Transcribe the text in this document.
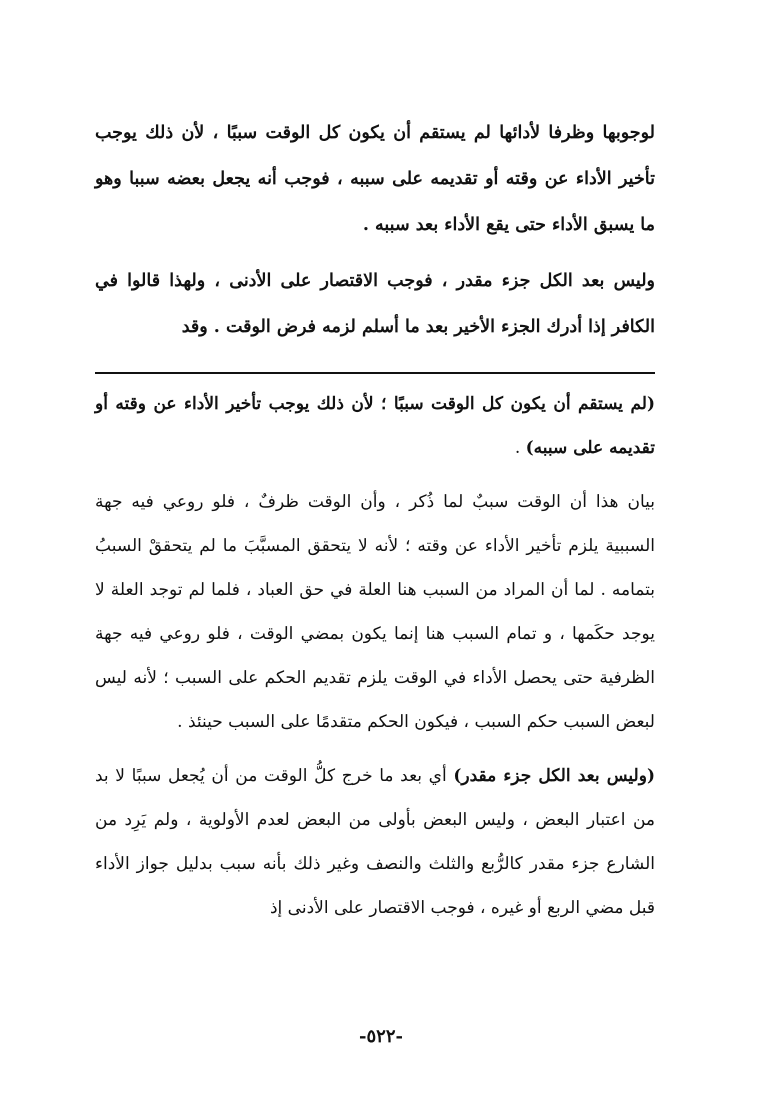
لوجوبها وظرفا لأدائها لم يستقم أن يكون كل الوقت سببًا ، لأن ذلك يوجب تأخير الأداء عن وقته أو تقديمه على سببه ، فوجب أنه يجعل بعضه سببا وهو ما يسبق الأداء حتى يقع الأداء بعد سببه .

وليس بعد الكل جزء مقدر ، فوجب الاقتصار على الأدنى ، ولهذا قالوا في الكافر إذا أدرك الجزء الأخير بعد ما أسلم لزمه فرض الوقت . وقد

(لم يستقم أن يكون كل الوقت سببًا ؛ لأن ذلك يوجب تأخير الأداء عن وقته أو تقديمه على سببه) .

بيان هذا أن الوقت سببٌ لما ذُكر ، وأن الوقت ظرفٌ ، فلو روعي فيه جهة السببية يلزم تأخير الأداء عن وقته ؛ لأنه لا يتحقق المسبَّبَ ما لم يتحققْ السببُ بتمامه . لما أن المراد من السبب هنا العلة في حق العباد ، فلما لم توجد العلة لا يوجد حكَمها ، و تمام السبب هنا إنما يكون بمضي الوقت ، فلو روعي فيه جهة الظرفية حتى يحصل الأداء في الوقت يلزم تقديم الحكم على السبب ؛ لأنه ليس لبعض السبب حكم السبب ، فيكون الحكم متقدمًا على السبب حينئذ .

(وليس بعد الكل جزء مقدر) أي بعد ما خرج كلُّ الوقت من أن يُجعل سببًا لا بد من اعتبار البعض ، وليس البعض بأولى من البعض لعدم الأولوية ، ولم يَرِد من الشارع جزء مقدر كالرُّبع والثلث والنصف وغير ذلك بأنه سبب بدليل جواز الأداء قبل مضي الربع أو غيره ، فوجب الاقتصار على الأدنى إذ

-٥٢٢-
